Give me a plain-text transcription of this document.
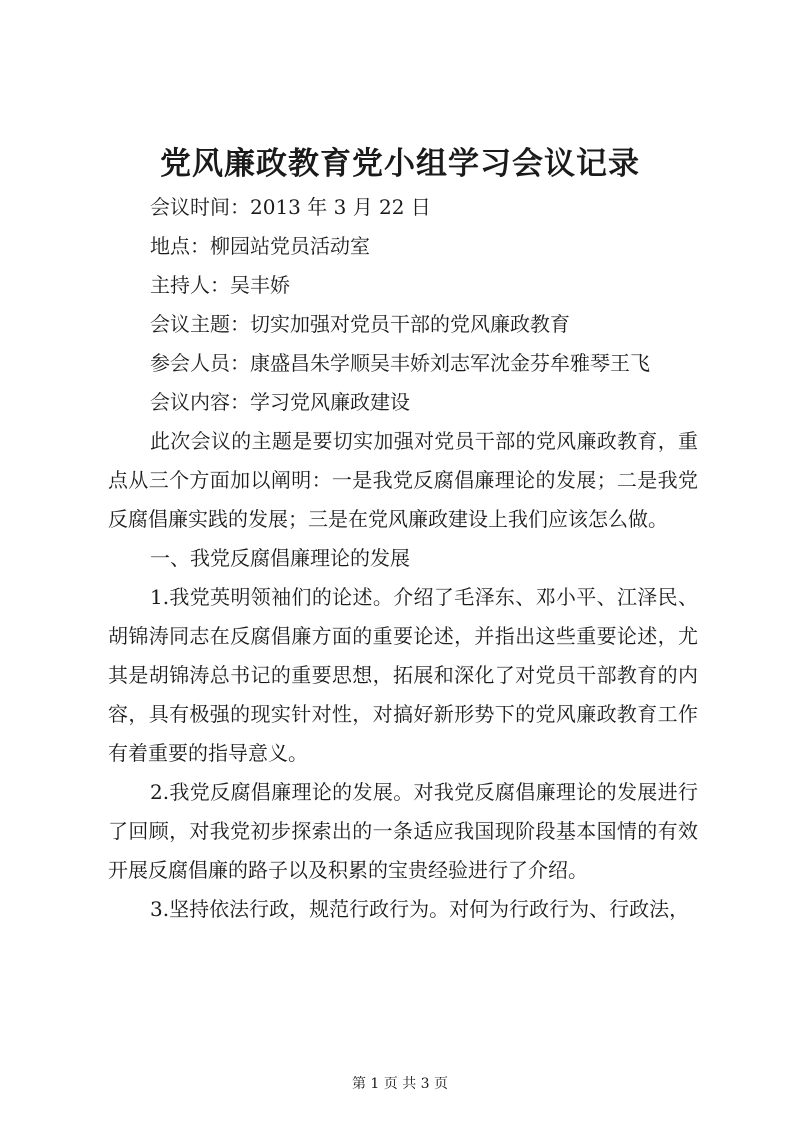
党风廉政教育党小组学习会议记录

会议时间：2013 年 3 月 22 日

地点：柳园站党员活动室

主持人：吴丰娇

会议主题：切实加强对党员干部的党风廉政教育

参会人员：康盛昌朱学顺吴丰娇刘志军沈金芬牟雅琴王飞

会议内容：学习党风廉政建设

此次会议的主题是要切实加强对党员干部的党风廉政教育，重点从三个方面加以阐明：一是我党反腐倡廉理论的发展；二是我党反腐倡廉实践的发展；三是在党风廉政建设上我们应该怎么做。

一、我党反腐倡廉理论的发展

1.我党英明领袖们的论述。介绍了毛泽东、邓小平、江泽民、胡锦涛同志在反腐倡廉方面的重要论述，并指出这些重要论述，尤其是胡锦涛总书记的重要思想，拓展和深化了对党员干部教育的内容，具有极强的现实针对性，对搞好新形势下的党风廉政教育工作有着重要的指导意义。

2.我党反腐倡廉理论的发展。对我党反腐倡廉理论的发展进行了回顾，对我党初步探索出的一条适应我国现阶段基本国情的有效开展反腐倡廉的路子以及积累的宝贵经验进行了介绍。

3.坚持依法行政，规范行政行为。对何为行政行为、行政法，

第 1 页 共 3 页
